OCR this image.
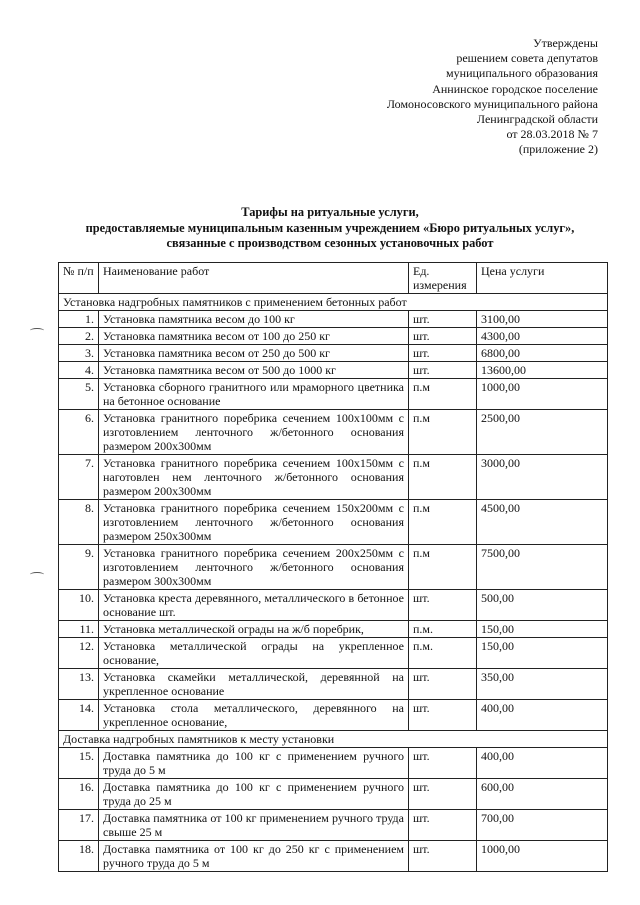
Утверждены
решением совета депутатов
муниципального образования
Аннинское городское поселение
Ломоносовского муниципального района
Ленинградской области
от 28.03.2018 № 7
(приложение 2)
Тарифы на ритуальные услуги,
предоставляемые муниципальным казенным учреждением «Бюро ритуальных услуг»,
связанные с производством сезонных установочных работ
№ п/п	Наименование работ	Ед. измерения	Цена услуги
Установка надгробных памятников с применением бетонных работ			
1.	Установка памятника весом до 100 кг	шт.	3100,00
2.	Установка памятника весом от 100 до 250 кг	шт.	4300,00
3.	Установка памятника весом от 250 до 500 кг	шт.	6800,00
4.	Установка памятника весом от 500 до 1000 кг	шт.	13600,00
5.	Установка сборного гранитного или мраморного цветника на бетонное основание	п.м	1000,00
6.	Установка гранитного поребрика сечением 100х100мм с изготовлением ленточного ж/бетонного основания размером 200х300мм	п.м	2500,00
7.	Установка гранитного поребрика сечением 100х150мм с наготовлен нем ленточного ж/бетонного основания размером 200х300мм	п.м	3000,00
8.	Установка гранитного поребрика сечением 150х200мм с изготовлением ленточного ж/бетонного основания размером 250х300мм	п.м	4500,00
9.	Установка гранитного поребрика сечением 200х250мм с изготовлением ленточного ж/бетонного основания размером 300х300мм	п.м	7500,00
10.	Установка креста деревянного, металлического в бетонное основание шт.	шт.	500,00
11.	Установка металлической ограды на ж/б поребрик,	п.м.	150,00
12.	Установка металлической ограды на укрепленное основание,	п.м.	150,00
13.	Установка скамейки металлической, деревянной на укрепленное основание	шт.	350,00
14.	Установка стола металлического, деревянного на укрепленное основание,	шт.	400,00
Доставка надгробных памятников к месту установки			
15.	Доставка памятника до 100 кг с применением ручного труда до 5 м	шт.	400,00
16.	Доставка памятника до 100 кг с применением ручного труда до 25 м	шт.	600,00
17.	Доставка памятника от 100 кг применением ручного труда свыше 25 м	шт.	700,00
18.	Доставка памятника от 100 кг до 250 кг с применением ручного труда до 5 м	шт.	1000,00
